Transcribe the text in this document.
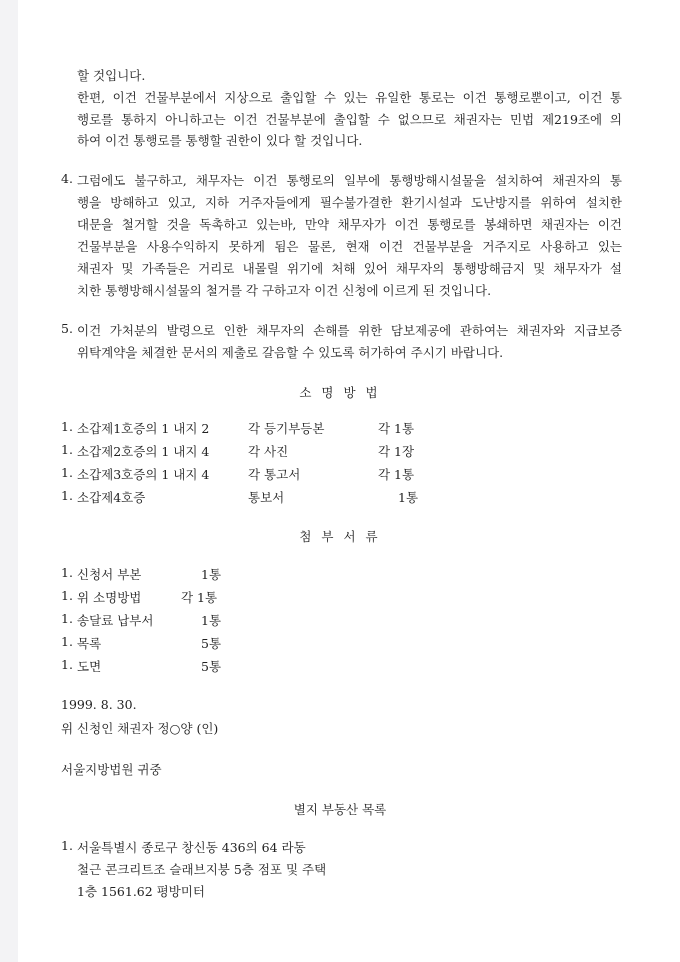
할 것입니다.
한편, 이건 건물부분에서 지상으로 출입할 수 있는 유일한 통로는 이건 통행로뿐이고, 이건 통
행로를 통하지 아니하고는 이건 건물부분에 출입할 수 없으므로 채권자는 민법 제219조에 의
하여 이건 통행로를 통행할 권한이 있다 할 것입니다.
4. 그럼에도 불구하고, 채무자는 이건 통행로의 일부에 통행방해시설물을 설치하여 채권자의 통
행을 방해하고 있고, 지하 거주자들에게 필수불가결한 환기시설과 도난방지를 위하여 설치한
대문을 철거할 것을 독촉하고 있는바, 만약 채무자가 이건 통행로를 봉쇄하면 채권자는 이건
건물부분을 사용수익하지 못하게 됨은 물론, 현재 이건 건물부분을 거주지로 사용하고 있는
채권자 및 가족들은 거리로 내몰릴 위기에 처해 있어 채무자의 통행방해금지 및 채무자가 설
치한 통행방해시설물의 철거를 각 구하고자 이건 신청에 이르게 된 것입니다.
5. 이건 가처분의 발령으로 인한 채무자의 손해를 위한 담보제공에 관하여는 채권자와 지급보증
위탁계약을 체결한 문서의 제출로 갈음할 수 있도록 허가하여 주시기 바랍니다.
소 명 방 법
1. 소갑제1호증의 1 내지 2	각 등기부등본	각 1통
1. 소갑제2호증의 1 내지 4	각 사진	각 1장
1. 소갑제3호증의 1 내지 4	각 통고서	각 1통
1. 소갑제4호증	통보서	1통
첨 부 서 류
1. 신청서 부본	1통
1. 위 소명방법	각 1통
1. 송달료 납부서	1통
1. 목록	5통
1. 도면	5통
1999. 8. 30.
위 신청인 채권자 정○양 (인)
서울지방법원 귀중
별지 부동산 목록
1. 서울특별시 종로구 창신동 436의 64 라동
철근 콘크리트조 슬래브지붕 5층 점포 및 주택
1층 1561.62 평방미터
